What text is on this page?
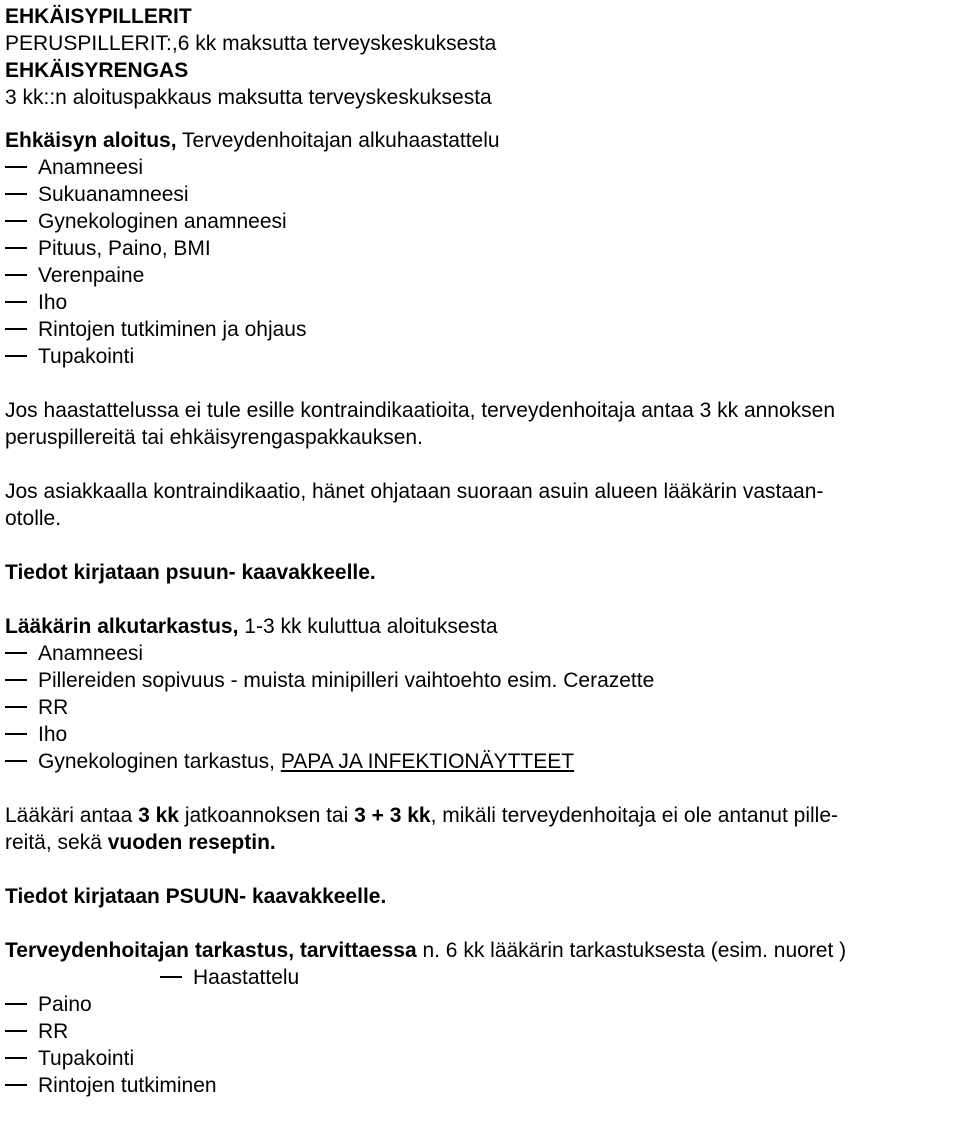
EHKÄISYPILLERIT
PERUSPILLERIT:,6 kk maksutta terveyskeskuksesta
EHKÄISYRENGAS
3 kk::n aloituspakkaus maksutta terveyskeskuksesta
Ehkäisyn aloitus, Terveydenhoitajan alkuhaastattelu
Anamneesi
Sukuanamneesi
Gynekologinen anamneesi
Pituus, Paino, BMI
Verenpaine
Iho
Rintojen tutkiminen ja ohjaus
Tupakointi
Jos haastattelussa ei tule esille kontraindikaatioita, terveydenhoitaja antaa 3 kk annoksen
peruspillereitä tai ehkäisyrengaspakkauksen.
Jos asiakkaalla kontraindikaatio, hänet ohjataan suoraan asuin alueen lääkärin vastaan-
otolle.
Tiedot kirjataan psuun- kaavakkeelle.
Lääkärin alkutarkastus, 1-3 kk kuluttua aloituksesta
Anamneesi
Pillereiden sopivuus - muista minipilleri vaihtoehto esim. Cerazette
RR
Iho
Gynekologinen tarkastus, PAPA JA INFEKTIONÄYTTEET
Lääkäri antaa 3 kk jatkoannoksen tai 3 + 3 kk, mikäli terveydenhoitaja ei ole antanut pille-
reitä, sekä vuoden reseptin.
Tiedot kirjataan PSUUN- kaavakkeelle.
Terveydenhoitajan tarkastus, tarvittaessa n. 6 kk lääkärin tarkastuksesta (esim. nuoret )
Haastattelu
Paino
RR
Tupakointi
Rintojen tutkiminen
